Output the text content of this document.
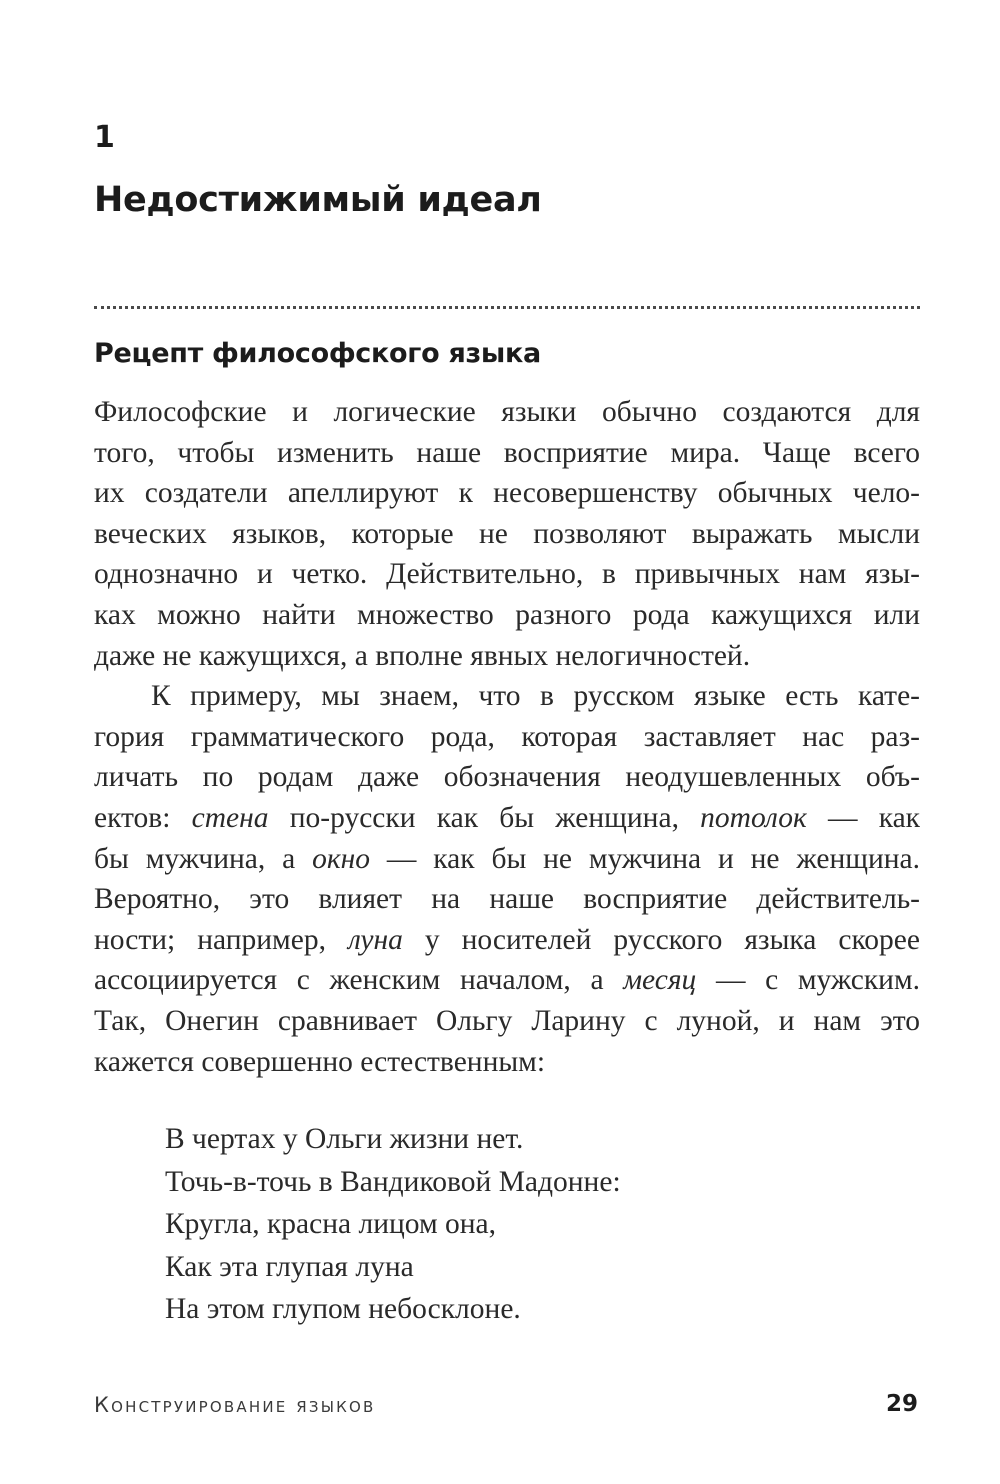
1
Недостижимый идеал
Рецепт философского языка
Философские и логические языки обычно создаются для
того, чтобы изменить наше восприятие мира. Чаще всего
их создатели апеллируют к несовершенству обычных чело-
веческих языков, которые не позволяют выражать мысли
однозначно и четко. Действительно, в привычных нам язы-
ках можно найти множество разного рода кажущихся или
даже не кажущихся, а вполне явных нелогичностей.
К примеру, мы знаем, что в русском языке есть кате-
гория грамматического рода, которая заставляет нас раз-
личать по родам даже обозначения неодушевленных объ-
ектов: стена по-русски как бы женщина, потолок — как
бы мужчина, а окно — как бы не мужчина и не женщина.
Вероятно, это влияет на наше восприятие действитель-
ности; например, луна у носителей русского языка скорее
ассоциируется с женским началом, а месяц — с мужским.
Так, Онегин сравнивает Ольгу Ларину с луной, и нам это
кажется совершенно естественным:
В чертах у Ольги жизни нет.
Точь-в-точь в Вандиковой Мадонне:
Кругла, красна лицом она,
Как эта глупая луна
На этом глупом небосклоне.
Конструирование языков	29
